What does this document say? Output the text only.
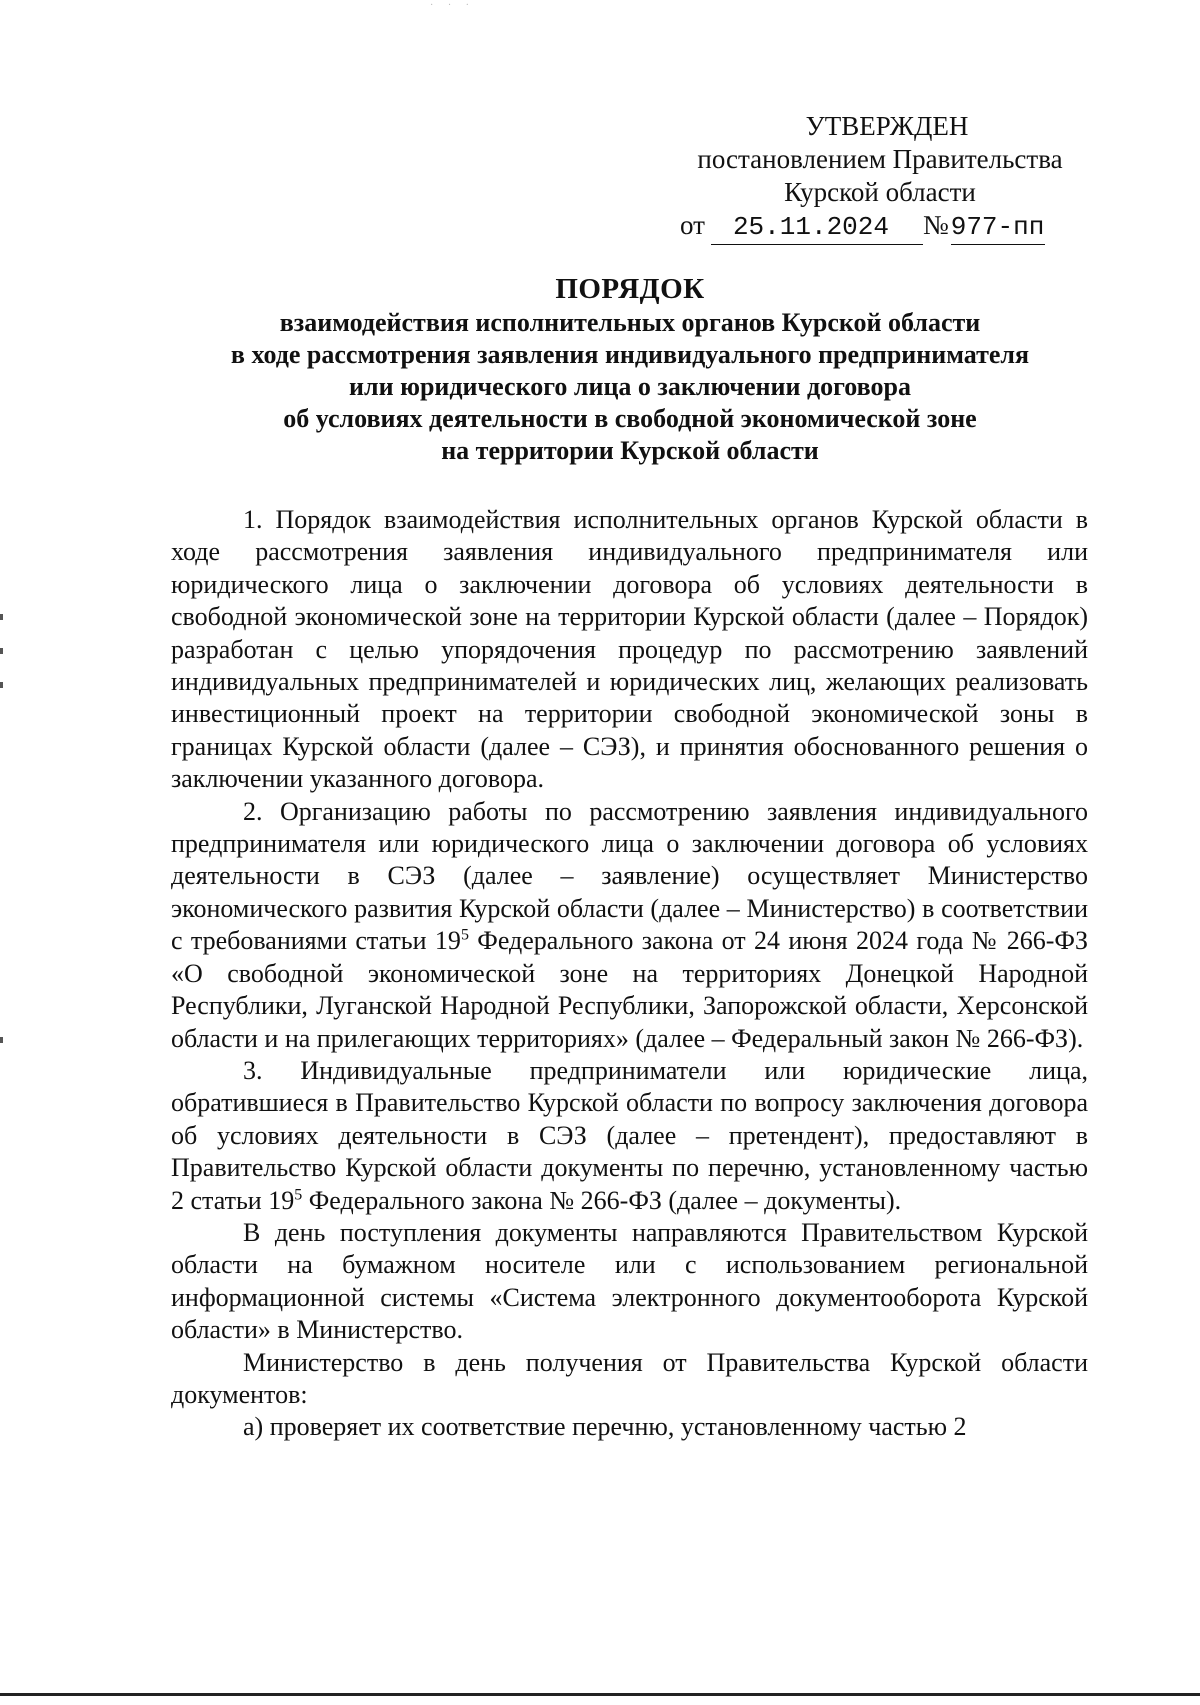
· · ·
УТВЕРЖДЕН
постановлением Правительства
Курской области
от 25.11.2024 №977-пп
ПОРЯДОК
взаимодействия исполнительных органов Курской области
в ходе рассмотрения заявления индивидуального предпринимателя
или юридического лица о заключении договора
об условиях деятельности в свободной экономической зоне
на территории Курской области

1. Порядок взаимодействия исполнительных органов Курской области в ходе рассмотрения заявления индивидуального предпринимателя или юридического лица о заключении договора об условиях деятельности в свободной экономической зоне на территории Курской области (далее – Порядок) разработан с целью упорядочения процедур по рассмотрению заявлений индивидуальных предпринимателей и юридических лиц, желающих реализовать инвестиционный проект на территории свободной экономической зоны в границах Курской области (далее – СЭЗ), и принятия обоснованного решения о заключении указанного договора.

2. Организацию работы по рассмотрению заявления индивидуального предпринимателя или юридического лица о заключении договора об условиях деятельности в СЭЗ (далее – заявление) осуществляет Министерство экономического развития Курской области (далее – Министерство) в соответствии с требованиями статьи $19^5$ Федерального закона от 24 июня 2024 года № 266-ФЗ «О свободной экономической зоне на территориях Донецкой Народной Республики, Луганской Народной Республики, Запорожской области, Херсонской области и на прилегающих территориях» (далее – Федеральный закон № 266-ФЗ).

3. Индивидуальные предприниматели или юридические лица, обратившиеся в Правительство Курской области по вопросу заключения договора об условиях деятельности в СЭЗ (далее – претендент), предоставляют в Правительство Курской области документы по перечню, установленному частью 2 статьи $19^5$ Федерального закона № 266-ФЗ (далее – документы).

В день поступления документы направляются Правительством Курской области на бумажном носителе или с использованием региональной информационной системы «Система электронного документооборота Курской области» в Министерство.

Министерство в день получения от Правительства Курской области документов:

а) проверяет их соответствие перечню, установленному частью 2
